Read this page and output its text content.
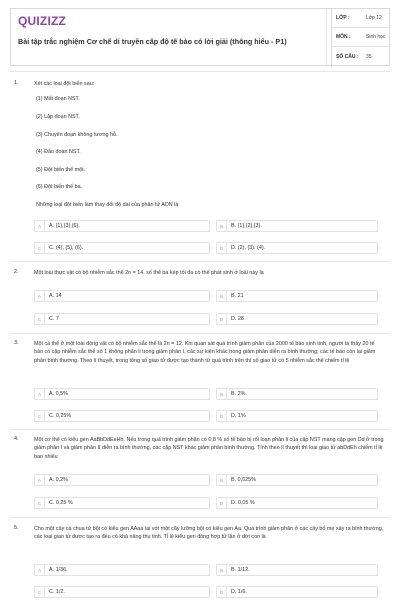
QUIZIZZ
Bài tập trắc nghiệm Cơ chế di truyền cấp độ tế bào có lời giải (thông hiểu - P1)
LỚP :	Lớp 12
MÔN :	Sinh học
SỐ CÂU :	35
1.	Xét các loại đột biến sau:
(1) Mất đoạn NST.
(2) Lặp đoạn NST.
(3) Chuyển đoạn không tương hỗ.
(4) Đảo đoạn NST.
(5) Đột biến thể một.
(6) Đột biến thể ba.
Những loại đột biến làm thay đổi độ dài của phân tử ADN là
A	A. (1),(3),(6).	B	B. (1),(2),(3).
C	C. (4), (5), (6).	D	D. (2), (3). (4).
2.	Một loài thực vật có bộ nhiễm sắc thể 2n = 14. số thể ba kép tối đa có thể phát sinh ở loài này là
A	A. 14	B	B. 21
C	C. 7	D	D. 28
3.	Một cá thể ở một loài động vật có bộ nhiễm sắc thể là 2n = 12. Khi quan sát quá trình giảm phân của 2000 tế bào sinh tinh, người ta thấy 20 tế bào có cặp nhiễm sắc thể số 1 không phân li trong giảm phân I, các sự kiện khác trong giảm phân diễn ra bình thường; các tế bào còn lại giảm phân bình thường. Theo lí thuyết, trong tổng số giao tử được tạo thành từ quá trình trên thì số giao tử có 5 nhiễm sắc thể chiếm tỉ lệ
A	A. 0,5%	B	B. 2%.
C	C. 0,25%	D	D. 1%
4.	Một cơ thể có kiểu gen AaBbDdEeHh. Nếu trong quá trình giảm phân có 0,8 % số tế bào bị rối loạn phân li của cặp NST mang cặp gen Dd ở trong giảm phân I và giảm phân II diễn ra bình thường, các cặp NST khác giảm phân bình thường. Tính theo lí thuyết thì loại giao tử abDdEh chiếm tỉ lệ bao nhiêu
A	A. 0,2%	B	B. 0,025%
C	C. 0,25 %	D	D. 0,05 %
5.	Cho một cây cà chua tứ bội có kiểu gen AAaa lai với một cây lưỡng bội có kiểu gen Aa. Quá trình giảm phân ở các cây bố mẹ xảy ra bình thường, các loại giao tử được tạo ra đều có khả năng thụ tinh. Tỉ lệ kiểu gen đồng hợp tử lặn ở đời con là
A	A. 1/36.	B	B. 1/12.
C	C. 1/2.	D	D. 1/6.
